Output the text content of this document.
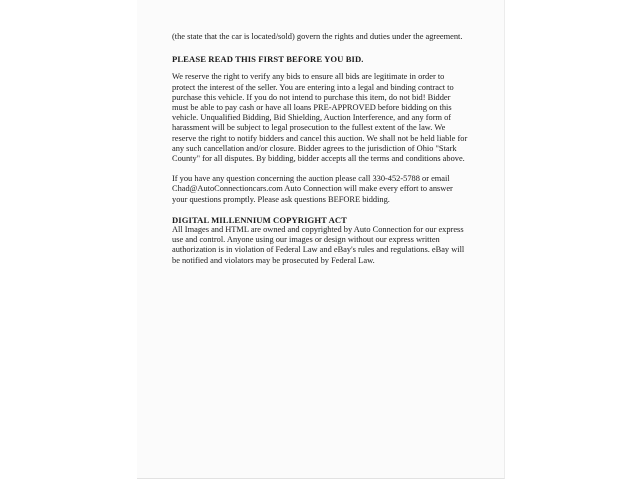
(the state that the car is located/sold) govern the rights and duties under the agreement.

PLEASE READ THIS FIRST BEFORE YOU BID.

We reserve the right to verify any bids to ensure all bids are legitimate in order to
protect the interest of the seller. You are entering into a legal and binding contract to
purchase this vehicle. If you do not intend to purchase this item, do not bid! Bidder
must be able to pay cash or have all loans PRE-APPROVED before bidding on this
vehicle. Unqualified Bidding, Bid Shielding, Auction Interference, and any form of
harassment will be subject to legal prosecution to the fullest extent of the law. We
reserve the right to notify bidders and cancel this auction. We shall not be held liable for
any such cancellation and/or closure. Bidder agrees to the jurisdiction of Ohio "Stark
County" for all disputes. By bidding, bidder accepts all the terms and conditions above.
If you have any question concerning the auction please call 330-452-5788 or email
Chad@AutoConnectioncars.com Auto Connection will make every effort to answer
your questions promptly. Please ask questions BEFORE bidding.

DIGITAL MILLENNIUM COPYRIGHT ACT

All Images and HTML are owned and copyrighted by Auto Connection for our express
use and control. Anyone using our images or design without our express written
authorization is in violation of Federal Law and eBay's rules and regulations. eBay will
be notified and violators may be prosecuted by Federal Law.
